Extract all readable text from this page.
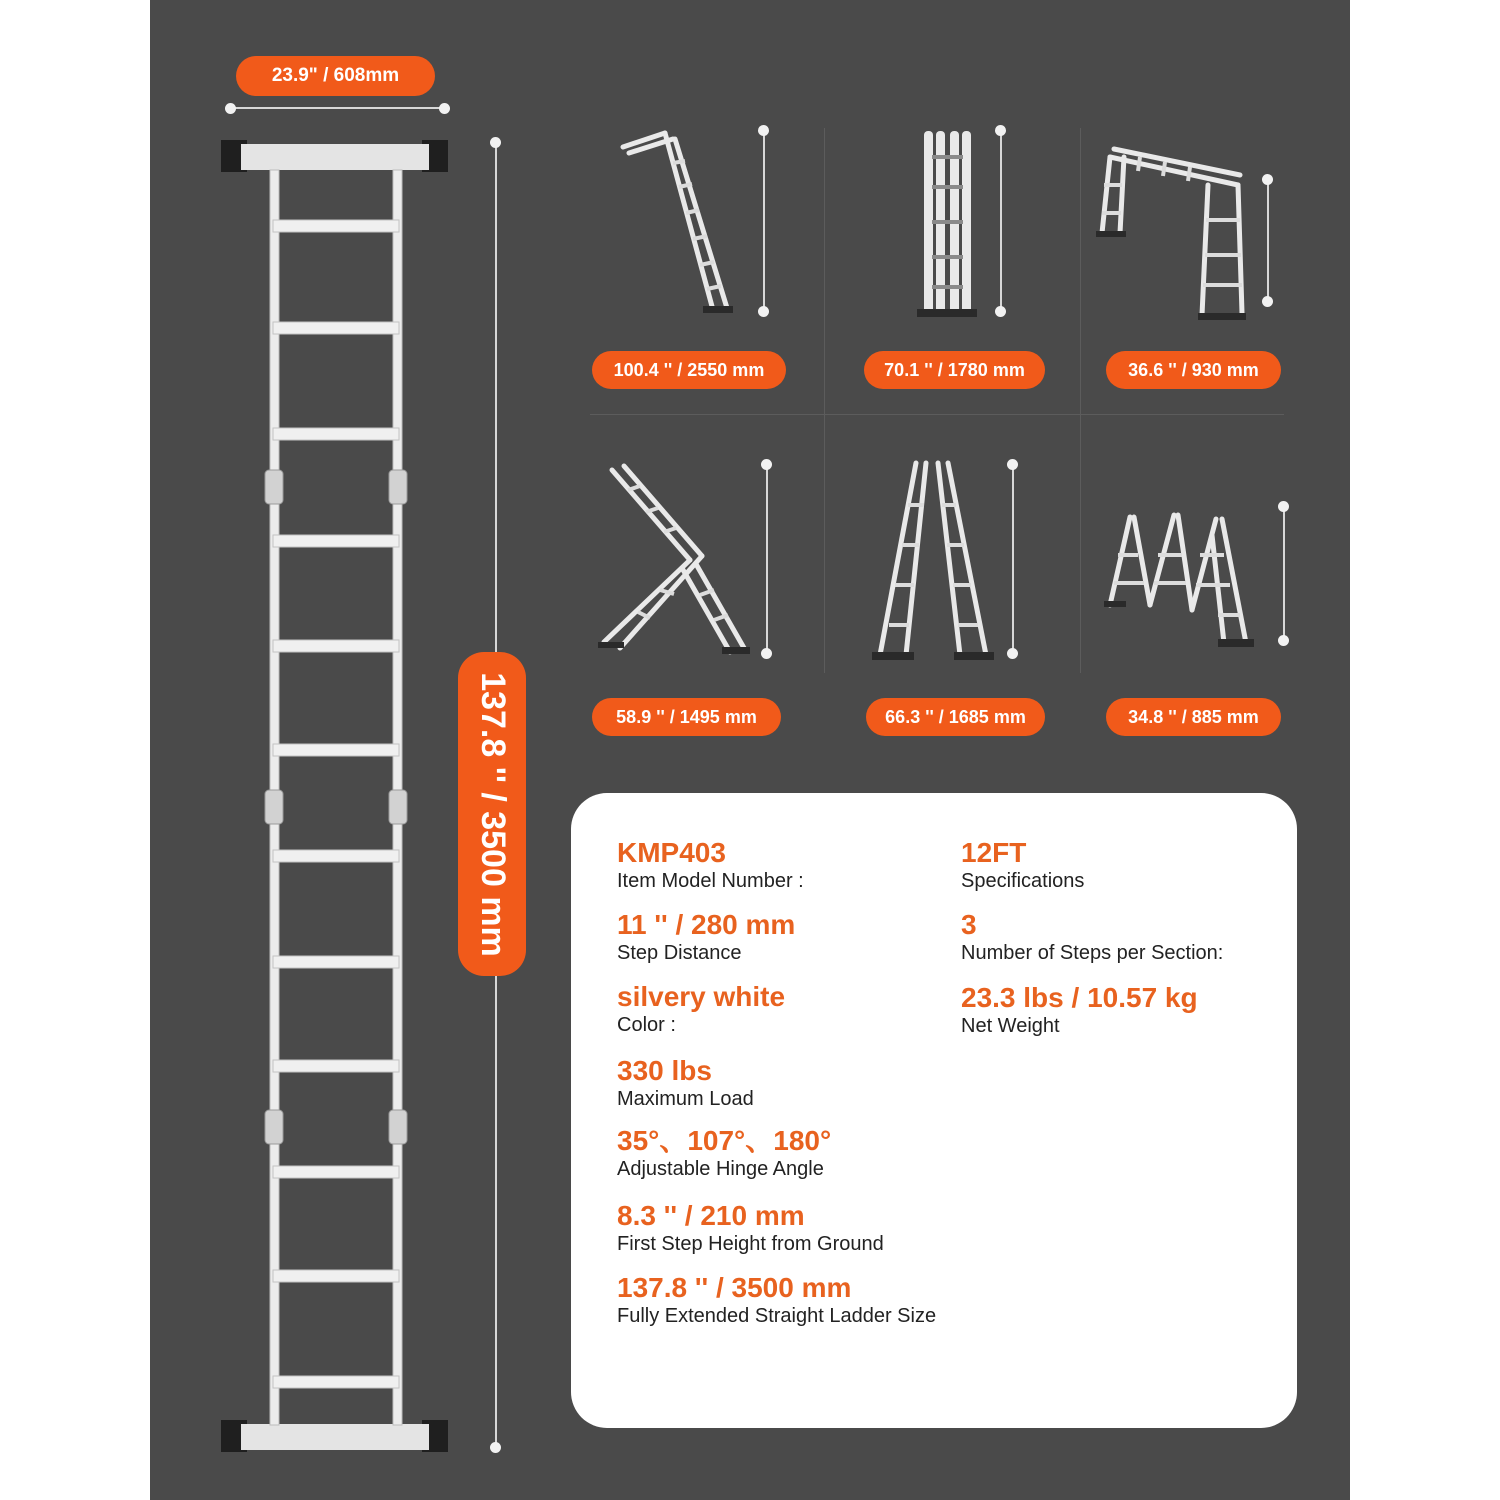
23.9" / 608mm
137.8 '' / 3500 mm
100.4 '' / 2550 mm	70.1 '' / 1780 mm	36.6 '' / 930 mm
58.9 '' / 1495 mm	66.3 '' / 1685 mm	34.8 '' / 885 mm
KMP403
Item Model Number :
11 '' / 280 mm
Step Distance
silvery white
Color :
330 lbs
Maximum Load
35°、107°、180°
Adjustable Hinge Angle
8.3 '' / 210 mm
First Step Height from Ground
137.8 '' / 3500 mm
Fully Extended Straight Ladder Size
12FT
Specifications
3
Number of Steps per Section:
23.3 lbs / 10.57 kg
Net Weight
